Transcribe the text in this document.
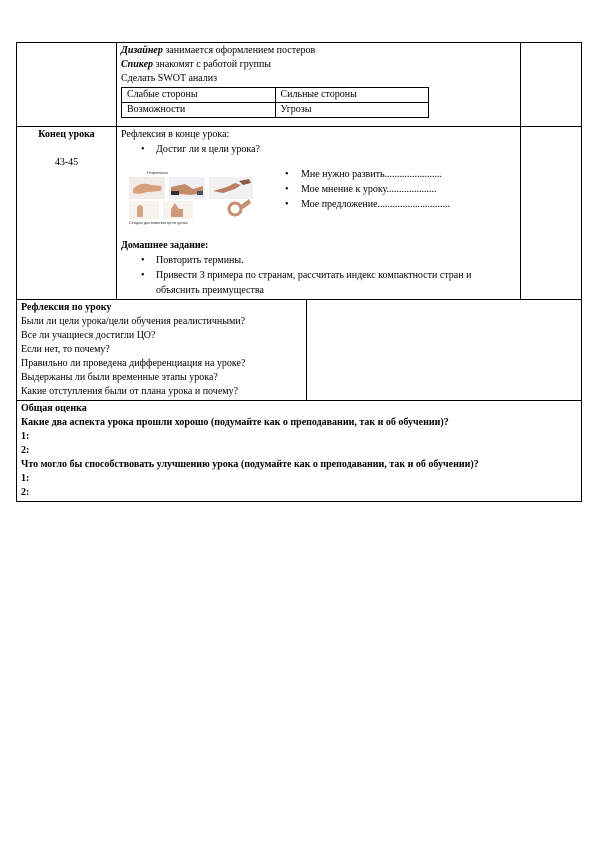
Дизайнер занимается оформлением постеров
Спикер знакомят с работой группы
Сделать SWOT анализ
Слабые стороны	Сильные стороны
Возможности	Угрозы

Конец урока
43-45

Рефлексия в конце урока:
• Достиг ли я цели урока?
Рефлексия
Стадии достижения цели урока
• Мне нужно развить.......................
• Мое мнение к уроку....................
• Мое предложение.............................
Домашнее задание:
• Повторить термины.
• Привести 3 примера по странам, рассчитать индекс компактности стран и объяснить преимущества

Рефлексия по уроку
Были ли цели урока/цели обучения реалистичными?
Все ли учащиеся достигли ЦО?
Если нет, то почему?
Правильно ли проведена дифференциация на уроке?
Выдержаны ли были временные этапы урока?
Какие отступления были от плана урока и почему?

Общая оценка
Какие два аспекта урока прошли хорошо (подумайте как о преподавании, так и об обучении)?
1:
2:
Что могло бы способствовать улучшению урока (подумайте как о преподавании, так и об обучении)?
1:
2:
